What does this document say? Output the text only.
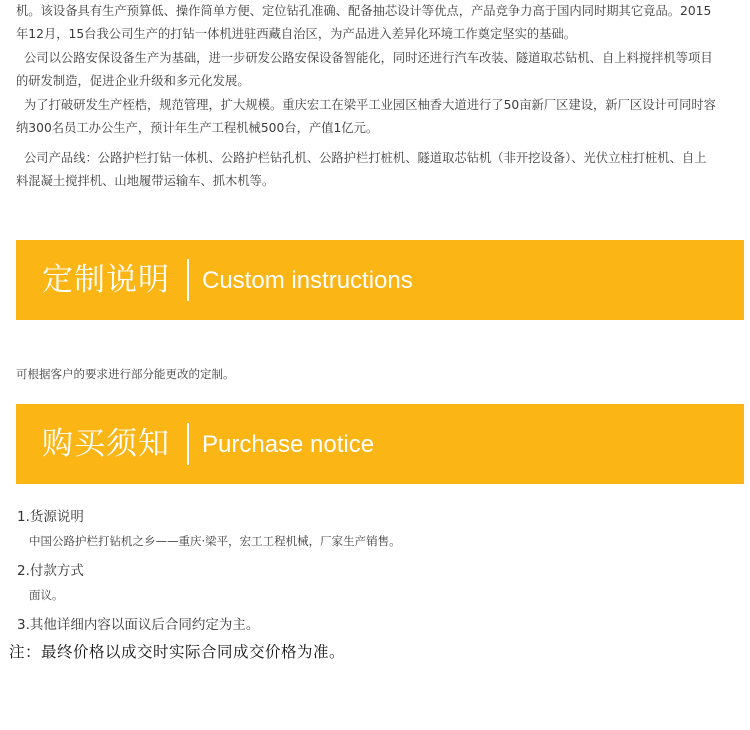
机。该设备具有生产预算低、操作简单方便、定位钻孔准确、配备抽芯设计等优点，产品竞争力高于国内同时期其它竟品。2015
年12月，15台我公司生产的打钻一体机进驻西藏自治区，为产品进入差异化环境工作奠定坚实的基础。

公司以公路安保设备生产为基础，进一步研发公路安保设备智能化，同时还进行汽车改装、隧道取芯钻机、自上料搅拌机等项目
的研发制造，促进企业升级和多元化发展。

为了打破研发生产桎梏，规范管理，扩大规模。重庆宏工在梁平工业园区柚香大道进行了50亩新厂区建设，新厂区设计可同时容
纳300名员工办公生产，预计年生产工程机械500台，产值1亿元。

公司产品线：公路护栏打钻一体机、公路护栏钻孔机、公路护栏打桩机、隧道取芯钻机（非开挖设备）、光伏立柱打桩机、自上
料混凝土搅拌机、山地履带运输车、抓木机等。

定制说明 Custom instructions
可根据客户的要求进行部分能更改的定制。
购买须知 Purchase notice
1.货源说明
中国公路护栏打钻机之乡——重庆·梁平，宏工工程机械，厂家生产销售。
2.付款方式
面议。
3.其他详细内容以面议后合同约定为主。
注：最终价格以成交时实际合同成交价格为准。
